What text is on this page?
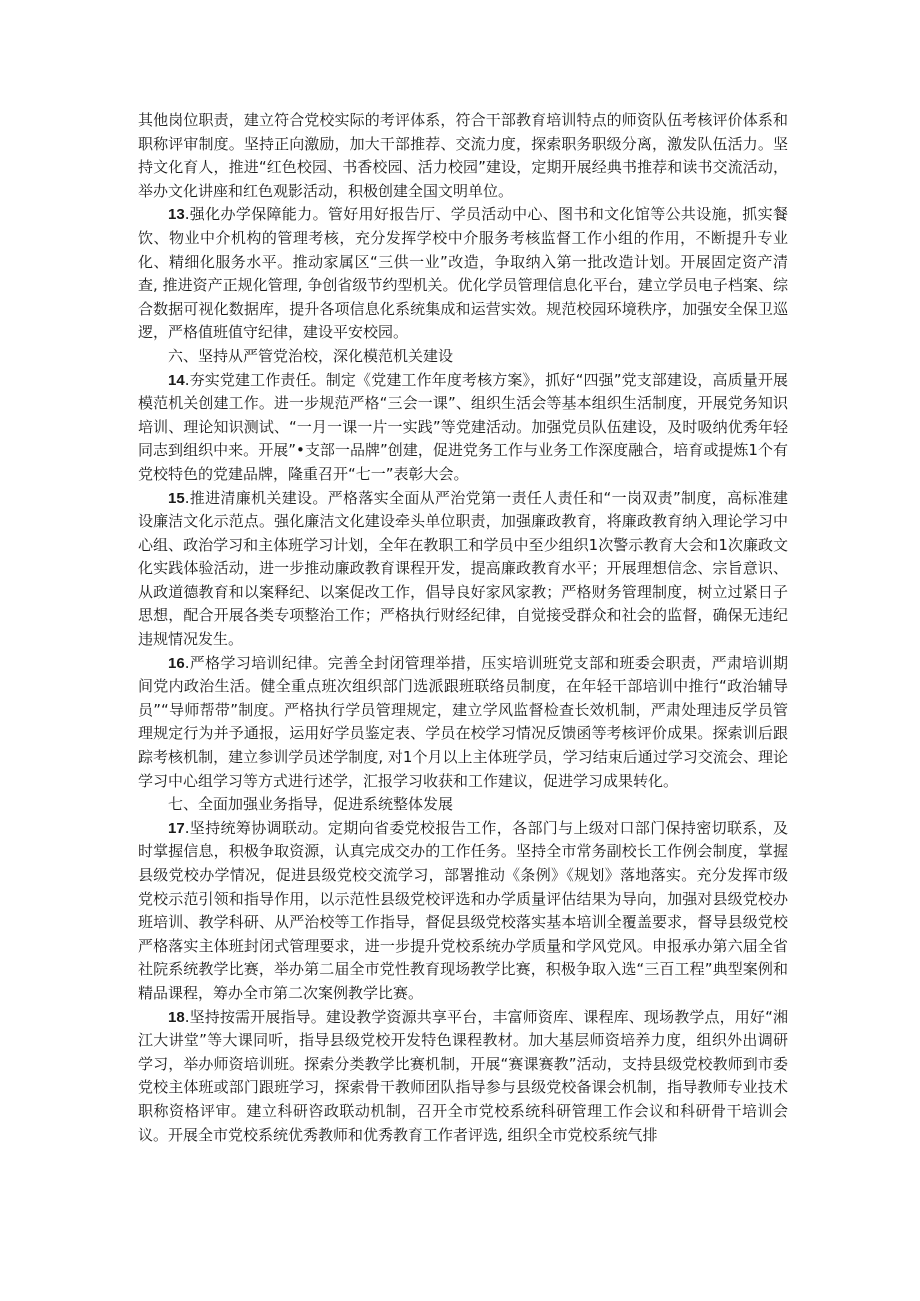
其他岗位职责，建立符合党校实际的考评体系，符合干部教育培训特点的师资队伍考核评价体系和职称评审制度。坚持正向激励，加大干部推荐、交流力度，探索职务职级分离，激发队伍活力。坚持文化育人，推进“红色校园、书香校园、活力校园”建设，定期开展经典书推荐和读书交流活动，举办文化讲座和红色观影活动，积极创建全国文明单位。

13.强化办学保障能力。管好用好报告厅、学员活动中心、图书和文化馆等公共设施，抓实餐饮、物业中介机构的管理考核，充分发挥学校中介服务考核监督工作小组的作用，不断提升专业化、精细化服务水平。推动家属区“三供一业”改造，争取纳入第一批改造计划。开展固定资产清查, 推进资产正规化管理, 争创省级节约型机关。优化学员管理信息化平台，建立学员电子档案、综合数据可视化数据库，提升各项信息化系统集成和运营实效。规范校园环境秩序，加强安全保卫巡逻，严格值班值守纪律，建设平安校园。

六、坚持从严管党治校，深化模范机关建设

14.夯实党建工作责任。制定《党建工作年度考核方案》，抓好“四强”党支部建设，高质量开展模范机关创建工作。进一步规范严格“三会一课”、组织生活会等基本组织生活制度，开展党务知识培训、理论知识测试、“一月一课一片一实践”等党建活动。加强党员队伍建设，及时吸纳优秀年轻同志到组织中来。开展”•支部一品牌”创建，促进党务工作与业务工作深度融合，培育或提炼1个有党校特色的党建品牌，隆重召开“七一”表彰大会。

15.推进清廉机关建设。严格落实全面从严治党第一责任人责任和“一岗双责”制度，高标准建设廉洁文化示范点。强化廉洁文化建设牵头单位职责，加强廉政教育，将廉政教育纳入理论学习中心组、政治学习和主体班学习计划，全年在教职工和学员中至少组织1次警示教育大会和1次廉政文化实践体验活动，进一步推动廉政教育课程开发，提高廉政教育水平；开展理想信念、宗旨意识、从政道德教育和以案释纪、以案促改工作，倡导良好家风家教；严格财务管理制度，树立过紧日子思想，配合开展各类专项整治工作；严格执行财经纪律，自觉接受群众和社会的监督，确保无违纪违规情况发生。

16.严格学习培训纪律。完善全封闭管理举措，压实培训班党支部和班委会职责，严肃培训期间党内政治生活。健全重点班次组织部门选派跟班联络员制度，在年轻干部培训中推行“政治辅导员”“导师帮带”制度。严格执行学员管理规定，建立学风监督检查长效机制，严肃处理违反学员管理规定行为并予通报，运用好学员鉴定表、学员在校学习情况反馈函等考核评价成果。探索训后跟踪考核机制，建立参训学员述学制度, 对1个月以上主体班学员，学习结束后通过学习交流会、理论学习中心组学习等方式进行述学，汇报学习收获和工作建议，促进学习成果转化。

七、全面加强业务指导，促进系统整体发展

17.坚持统筹协调联动。定期向省委党校报告工作，各部门与上级对口部门保持密切联系，及时掌握信息，积极争取资源，认真完成交办的工作任务。坚持全市常务副校长工作例会制度，掌握县级党校办学情况，促进县级党校交流学习，部署推动《条例》《规划》落地落实。充分发挥市级党校示范引领和指导作用，以示范性县级党校评选和办学质量评估结果为导向，加强对县级党校办班培训、教学科研、从严治校等工作指导，督促县级党校落实基本培训全覆盖要求，督导县级党校严格落实主体班封闭式管理要求，进一步提升党校系统办学质量和学风党风。申报承办第六届全省社院系统教学比赛，举办第二届全市党性教育现场教学比赛，积极争取入选“三百工程”典型案例和精品课程，筹办全市第二次案例教学比赛。

18.坚持按需开展指导。建设教学资源共享平台，丰富师资库、课程库、现场教学点，用好“湘江大讲堂”等大课同听，指导县级党校开发特色课程教材。加大基层师资培养力度，组织外出调研学习，举办师资培训班。探索分类教学比赛机制，开展“赛课赛教”活动，支持县级党校教师到市委党校主体班或部门跟班学习，探索骨干教师团队指导参与县级党校备课会机制，指导教师专业技术职称资格评审。建立科研咨政联动机制，召开全市党校系统科研管理工作会议和科研骨干培训会议。开展全市党校系统优秀教师和优秀教育工作者评选, 组织全市党校系统气排
